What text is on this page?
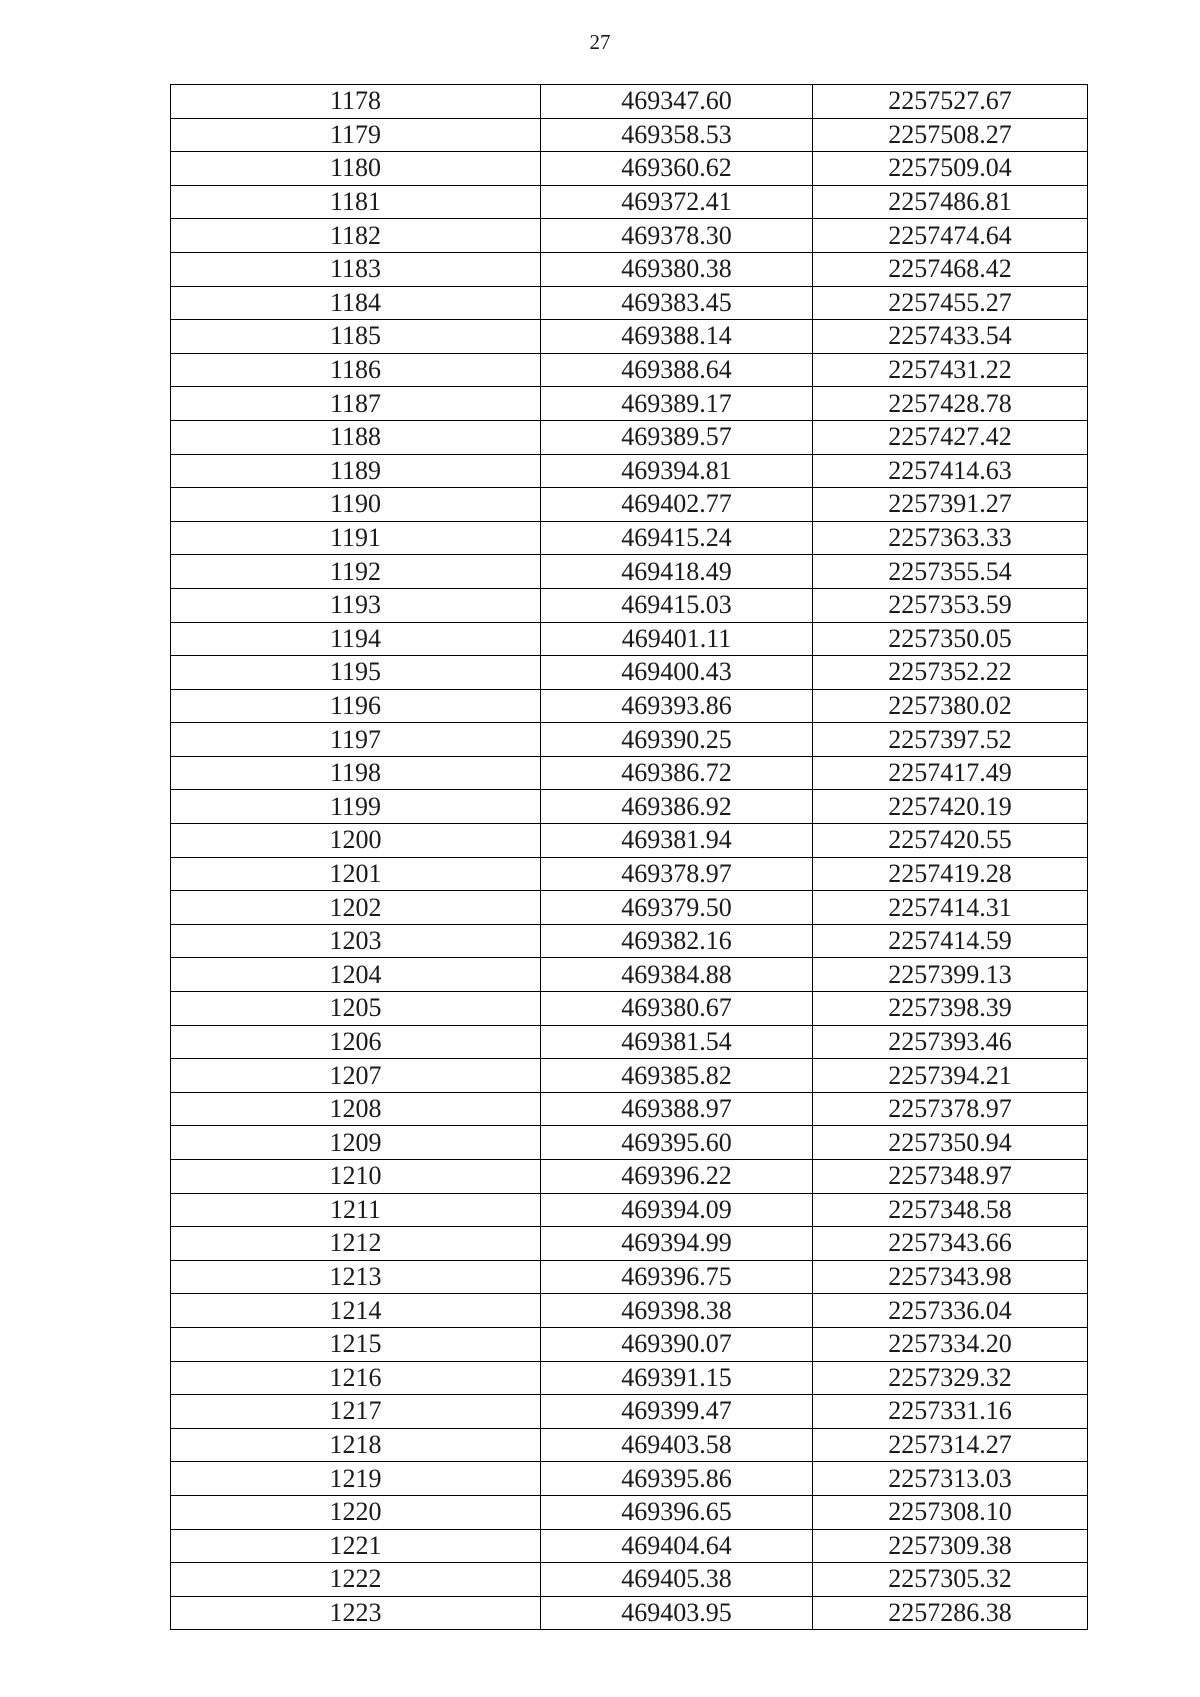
27
1178	469347.60	2257527.67
1179	469358.53	2257508.27
1180	469360.62	2257509.04
1181	469372.41	2257486.81
1182	469378.30	2257474.64
1183	469380.38	2257468.42
1184	469383.45	2257455.27
1185	469388.14	2257433.54
1186	469388.64	2257431.22
1187	469389.17	2257428.78
1188	469389.57	2257427.42
1189	469394.81	2257414.63
1190	469402.77	2257391.27
1191	469415.24	2257363.33
1192	469418.49	2257355.54
1193	469415.03	2257353.59
1194	469401.11	2257350.05
1195	469400.43	2257352.22
1196	469393.86	2257380.02
1197	469390.25	2257397.52
1198	469386.72	2257417.49
1199	469386.92	2257420.19
1200	469381.94	2257420.55
1201	469378.97	2257419.28
1202	469379.50	2257414.31
1203	469382.16	2257414.59
1204	469384.88	2257399.13
1205	469380.67	2257398.39
1206	469381.54	2257393.46
1207	469385.82	2257394.21
1208	469388.97	2257378.97
1209	469395.60	2257350.94
1210	469396.22	2257348.97
1211	469394.09	2257348.58
1212	469394.99	2257343.66
1213	469396.75	2257343.98
1214	469398.38	2257336.04
1215	469390.07	2257334.20
1216	469391.15	2257329.32
1217	469399.47	2257331.16
1218	469403.58	2257314.27
1219	469395.86	2257313.03
1220	469396.65	2257308.10
1221	469404.64	2257309.38
1222	469405.38	2257305.32
1223	469403.95	2257286.38
